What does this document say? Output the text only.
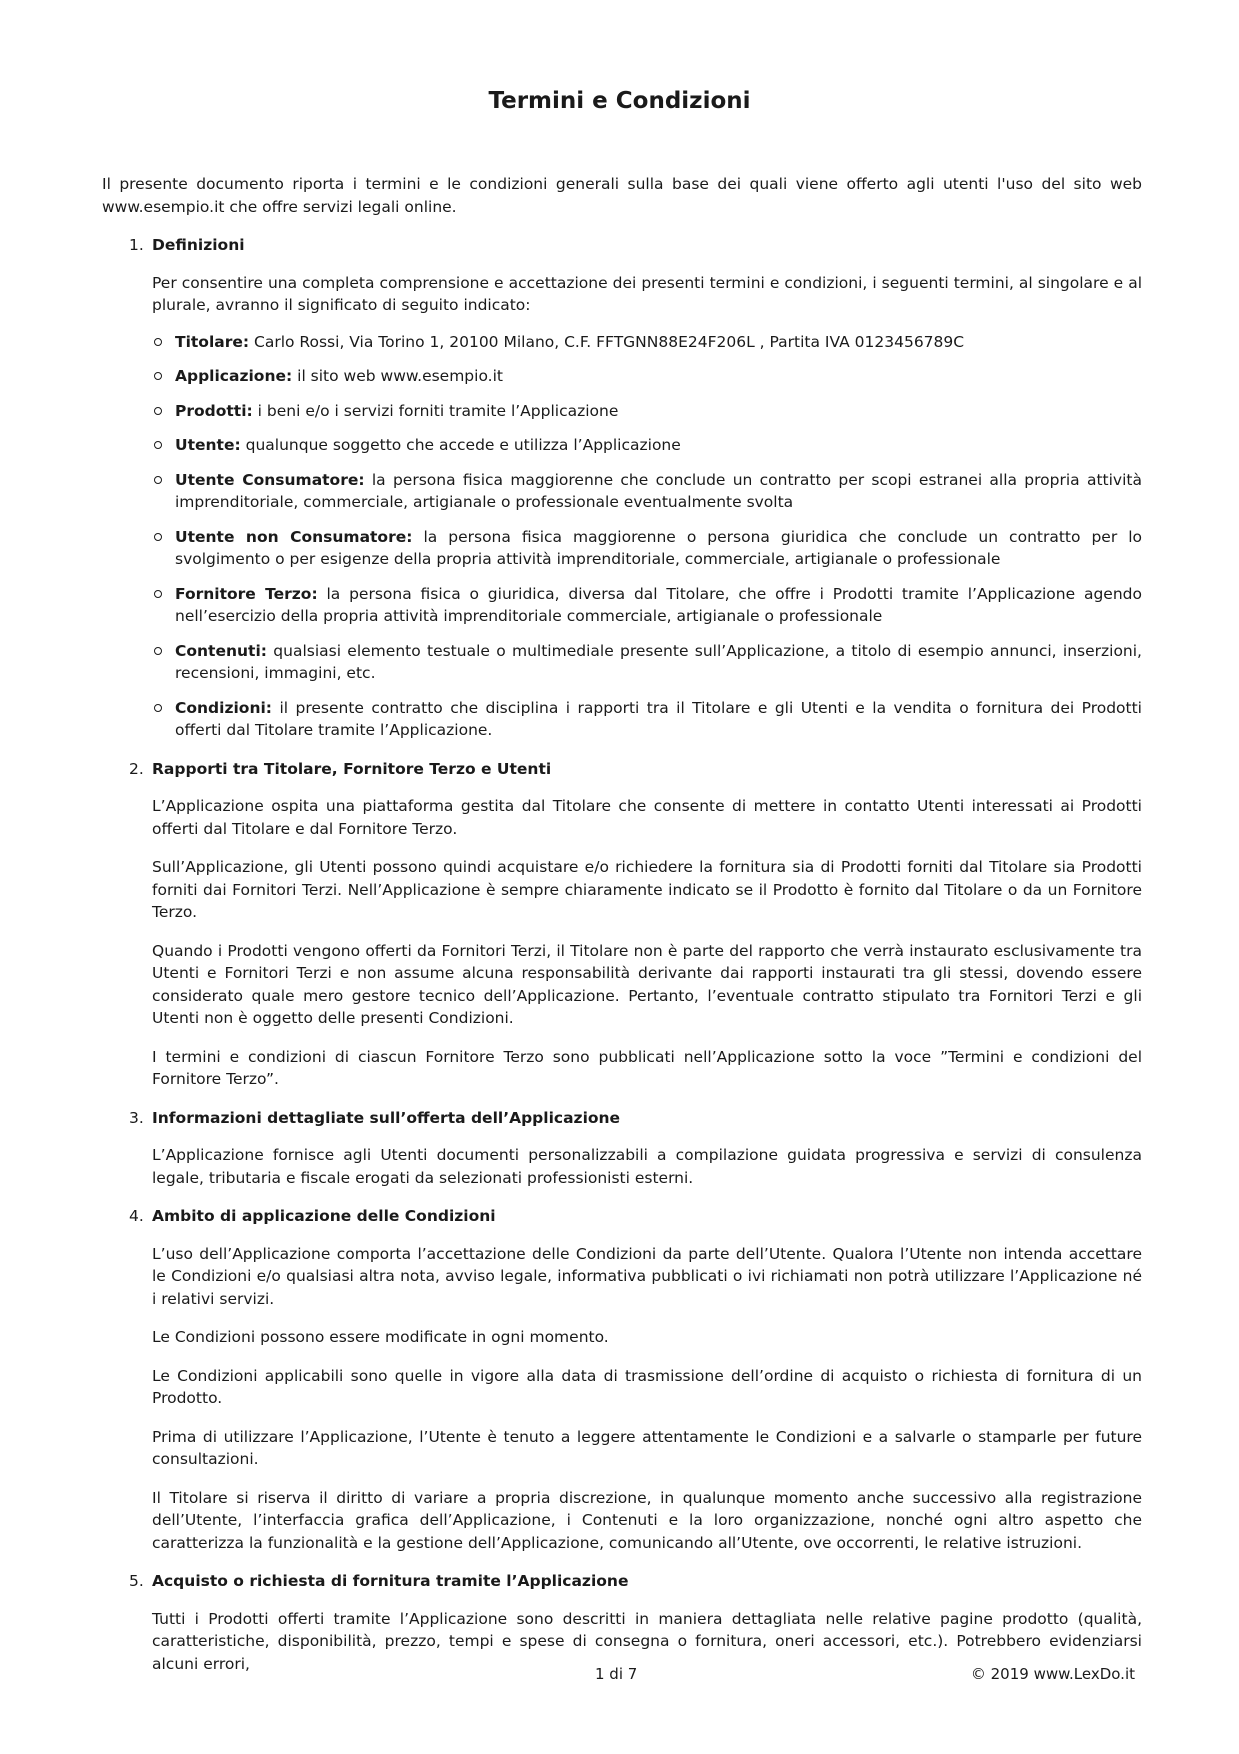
Termini e Condizioni

Il presente documento riporta i termini e le condizioni generali sulla base dei quali viene offerto agli utenti l'uso del sito web www.esempio.it che offre servizi legali online.

1. Definizioni

Per consentire una completa comprensione e accettazione dei presenti termini e condizioni, i seguenti termini, al singolare e al plurale, avranno il significato di seguito indicato:

Titolare: Carlo Rossi, Via Torino 1, 20100 Milano, C.F. FFTGNN88E24F206L , Partita IVA 0123456789C
Applicazione: il sito web www.esempio.it
Prodotti: i beni e/o i servizi forniti tramite l’Applicazione
Utente: qualunque soggetto che accede e utilizza l’Applicazione
Utente Consumatore: la persona fisica maggiorenne che conclude un contratto per scopi estranei alla propria attività imprenditoriale, commerciale, artigianale o professionale eventualmente svolta
Utente non Consumatore: la persona fisica maggiorenne o persona giuridica che conclude un contratto per lo svolgimento o per esigenze della propria attività imprenditoriale, commerciale, artigianale o professionale
Fornitore Terzo: la persona fisica o giuridica, diversa dal Titolare, che offre i Prodotti tramite l’Applicazione agendo nell’esercizio della propria attività imprenditoriale commerciale, artigianale o professionale
Contenuti: qualsiasi elemento testuale o multimediale presente sull’Applicazione, a titolo di esempio annunci, inserzioni, recensioni, immagini, etc.
Condizioni: il presente contratto che disciplina i rapporti tra il Titolare e gli Utenti e la vendita o fornitura dei Prodotti offerti dal Titolare tramite l’Applicazione.
2. Rapporti tra Titolare, Fornitore Terzo e Utenti

L’Applicazione ospita una piattaforma gestita dal Titolare che consente di mettere in contatto Utenti interessati ai Prodotti offerti dal Titolare e dal Fornitore Terzo.

Sull’Applicazione, gli Utenti possono quindi acquistare e/o richiedere la fornitura sia di Prodotti forniti dal Titolare sia Prodotti forniti dai Fornitori Terzi. Nell’Applicazione è sempre chiaramente indicato se il Prodotto è fornito dal Titolare o da un Fornitore Terzo.

Quando i Prodotti vengono offerti da Fornitori Terzi, il Titolare non è parte del rapporto che verrà instaurato esclusivamente tra Utenti e Fornitori Terzi e non assume alcuna responsabilità derivante dai rapporti instaurati tra gli stessi, dovendo essere considerato quale mero gestore tecnico dell’Applicazione. Pertanto, l’eventuale contratto stipulato tra Fornitori Terzi e gli Utenti non è oggetto delle presenti Condizioni.

I termini e condizioni di ciascun Fornitore Terzo sono pubblicati nell’Applicazione sotto la voce ”Termini e condizioni del Fornitore Terzo”.

3. Informazioni dettagliate sull’offerta dell’Applicazione

L’Applicazione fornisce agli Utenti documenti personalizzabili a compilazione guidata progressiva e servizi di consulenza legale, tributaria e fiscale erogati da selezionati professionisti esterni.

4. Ambito di applicazione delle Condizioni

L’uso dell’Applicazione comporta l’accettazione delle Condizioni da parte dell’Utente. Qualora l’Utente non intenda accettare le Condizioni e/o qualsiasi altra nota, avviso legale, informativa pubblicati o ivi richiamati non potrà utilizzare l’Applicazione né i relativi servizi.

Le Condizioni possono essere modificate in ogni momento.

Le Condizioni applicabili sono quelle in vigore alla data di trasmissione dell’ordine di acquisto o richiesta di fornitura di un Prodotto.

Prima di utilizzare l’Applicazione, l’Utente è tenuto a leggere attentamente le Condizioni e a salvarle o stamparle per future consultazioni.

Il Titolare si riserva il diritto di variare a propria discrezione, in qualunque momento anche successivo alla registrazione dell’Utente, l’interfaccia grafica dell’Applicazione, i Contenuti e la loro organizzazione, nonché ogni altro aspetto che caratterizza la funzionalità e la gestione dell’Applicazione, comunicando all’Utente, ove occorrenti, le relative istruzioni.

5. Acquisto o richiesta di fornitura tramite l’Applicazione

Tutti i Prodotti offerti tramite l’Applicazione sono descritti in maniera dettagliata nelle relative pagine prodotto (qualità, caratteristiche, disponibilità, prezzo, tempi e spese di consegna o fornitura, oneri accessori, etc.). Potrebbero evidenziarsi alcuni errori,

1 di 7	© 2019 www.LexDo.it
